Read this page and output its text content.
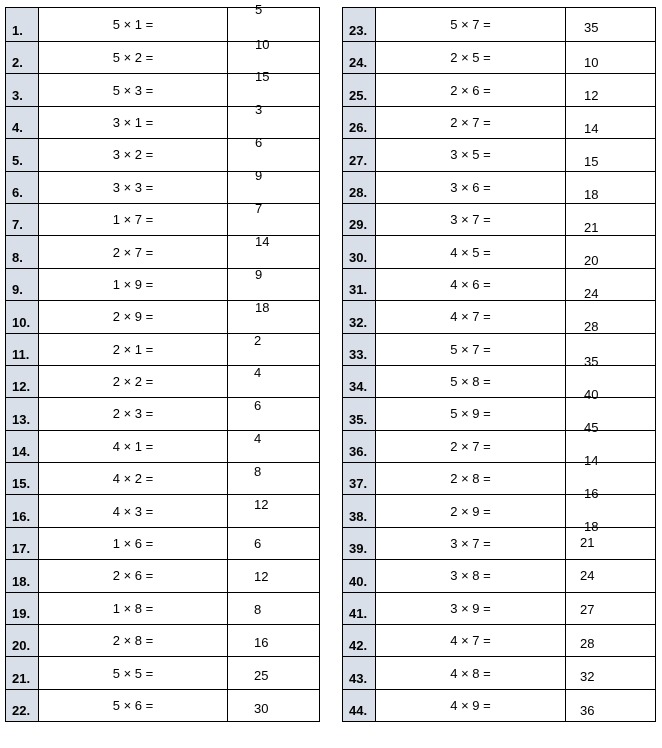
1.	5 × 1 =	5

2.	5 × 2 =	10

3.	5 × 3 =	15

4.	3 × 1 =	3

5.	3 × 2 =	6

6.	3 × 3 =	9

7.	1 × 7 =	7

8.	2 × 7 =	14

9.	1 × 9 =	9

10.	2 × 9 =	18

11.	2 × 1 =	2

12.	2 × 2 =	4

13.	2 × 3 =	6

14.	4 × 1 =	4

15.	4 × 2 =	8

16.	4 × 3 =	12

17.	1 × 6 =	6

18.	2 × 6 =	12

19.	1 × 8 =	8

20.	2 × 8 =	16

21.	5 × 5 =	25

22.	5 × 6 =	30
23.	5 × 7 =	35

24.	2 × 5 =	10

25.	2 × 6 =	12

26.	2 × 7 =	14

27.	3 × 5 =	15

28.	3 × 6 =	18

29.	3 × 7 =	21

30.	4 × 5 =	20

31.	4 × 6 =	24

32.	4 × 7 =	28

33.	5 × 7 =	35

34.	5 × 8 =	40

35.	5 × 9 =	45

36.	2 × 7 =	14

37.	2 × 8 =	16

38.	2 × 9 =	18

39.	3 × 7 =	21

40.	3 × 8 =	24

41.	3 × 9 =	27

42.	4 × 7 =	28

43.	4 × 8 =	32

44.	4 × 9 =	36
